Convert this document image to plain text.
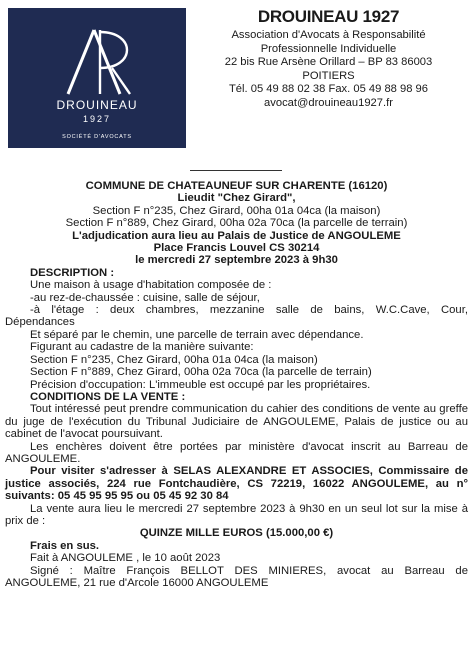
DROUINEAU
1927
SOCIÉTÉ D'AVOCATS
DROUINEAU 1927
Association d'Avocats à Responsabilité
Professionnelle Individuelle
22 bis Rue Arsène Orillard – BP 83 86003
POITIERS
Tél. 05 49 88 02 38 Fax. 05 49 88 98 96
avocat@drouineau1927.fr

COMMUNE DE CHATEAUNEUF SUR CHARENTE (16120)

Lieudit "Chez Girard",

Section F n°235, Chez Girard, 00ha 01a 04ca (la maison)

Section F n°889, Chez Girard, 00ha 02a 70ca (la parcelle de terrain)

L'adjudication aura lieu au Palais de Justice de ANGOULEME

Place Francis Louvel CS 30214

le mercredi 27 septembre 2023 à 9h30

DESCRIPTION :

Une maison à usage d'habitation composée de :

-au rez-de-chaussée : cuisine, salle de séjour,

-à l'étage : deux chambres, mezzanine salle de bains, W.C.Cave, Cour,

Dépendances

Et séparé par le chemin, une parcelle de terrain avec dépendance.

Figurant au cadastre de la manière suivante:

Section F n°235, Chez Girard, 00ha 01a 04ca (la maison)

Section F n°889, Chez Girard, 00ha 02a 70ca (la parcelle de terrain)

Précision d'occupation: L'immeuble est occupé par les propriétaires.

CONDITIONS DE LA VENTE :

Tout intéressé peut prendre communication du cahier des conditions de vente au greffe du juge de l'exécution du Tribunal Judiciaire de ANGOULEME, Palais de justice ou au cabinet de l'avocat poursuivant.

Les enchères doivent être portées par ministère d'avocat inscrit au Barreau de ANGOULEME.

Pour visiter s'adresser à SELAS ALEXANDRE ET ASSOCIES, Commissaire de justice associés, 224 rue Fontchaudière, CS 72219, 16022 ANGOULEME, au n° suivants: 05 45 95 95 95 ou 05 45 92 30 84

La vente aura lieu le mercredi 27 septembre 2023 à 9h30 en un seul lot sur la mise à prix de :

QUINZE MILLE EUROS (15.000,00 €)

Frais en sus.

Fait à ANGOULEME , le 10 août 2023

Signé : Maître François BELLOT DES MINIERES, avocat au Barreau de ANGOULEME, 21 rue d'Arcole 16000 ANGOULEME
